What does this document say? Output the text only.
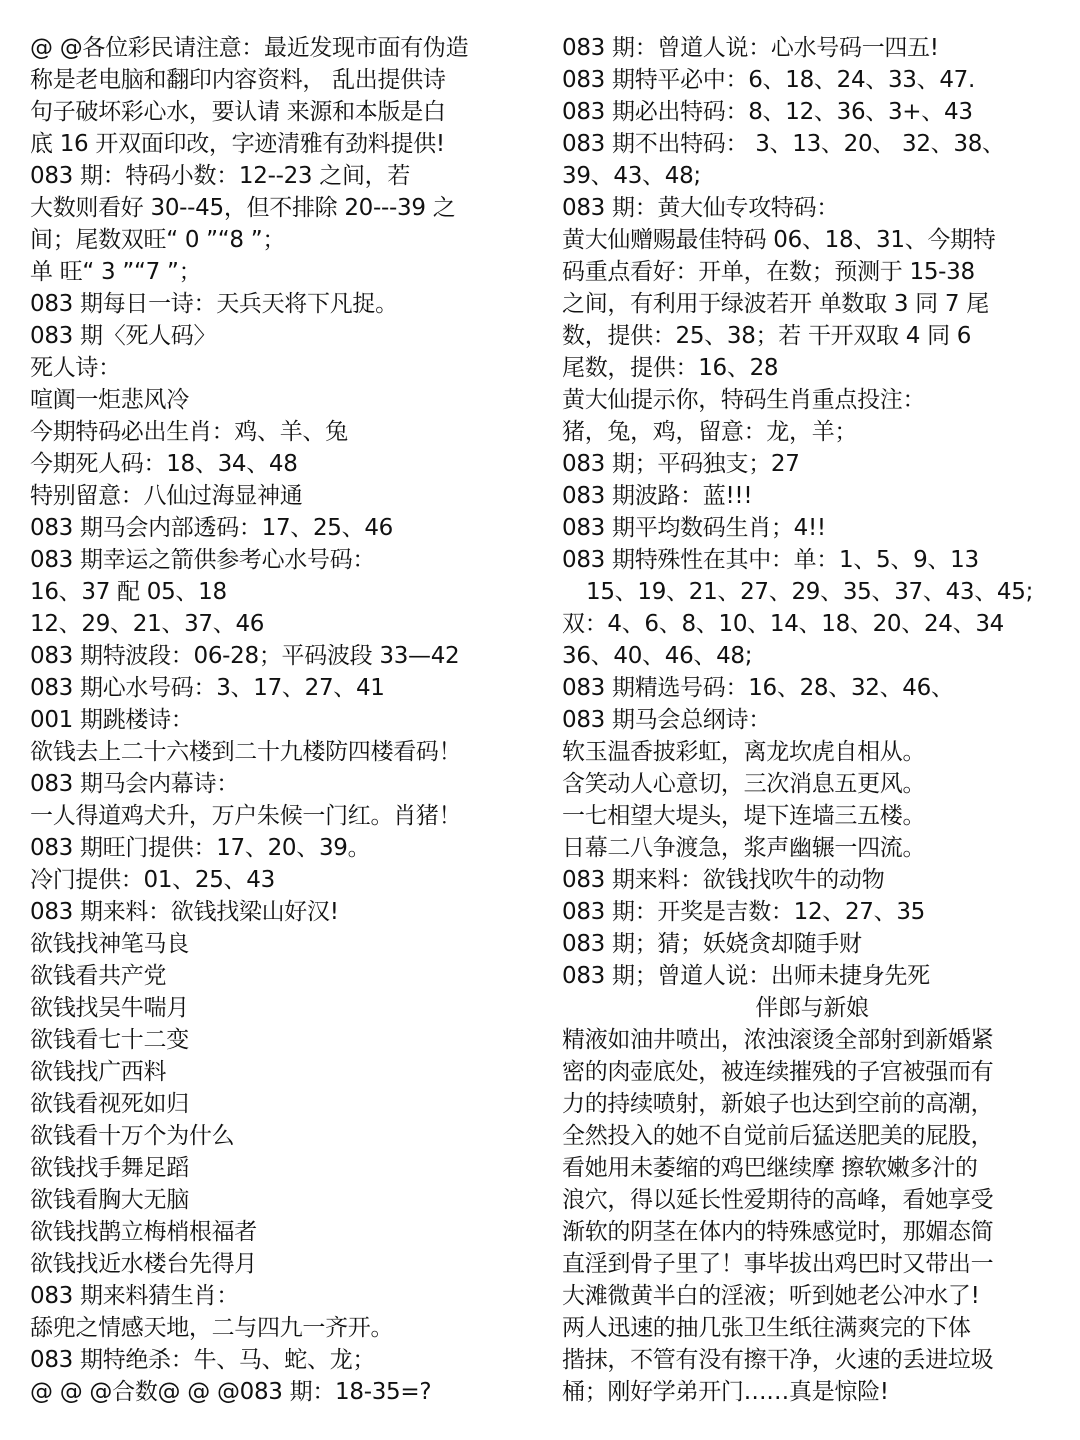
@ @各位彩民请注意：最近发现市面有伪造
称是老电脑和翻印内容资料， 乱出提供诗
句子破坏彩心水，要认请 来源和本版是白
底 16 开双面印改，字迹清雅有劲料提供!
083 期：特码小数：12--23 之间，若
大数则看好 30--45，但不排除 20---39 之
间；尾数双旺“ 0 ”“8 ”；
单 旺“ 3 ”“7 ”；
083 期每日一诗：天兵天将下凡捉。
083 期〈死人码〉
死人诗：
喧阗一炬悲风冷
今期特码必出生肖：鸡、羊、兔
今期死人码：18、34、48
特别留意：八仙过海显神通
083 期马会内部透码：17、25、46
083 期幸运之箭供参考心水号码：
16、37 配 05、18
12、29、21、37、46
083 期特波段：06-28；平码波段 33—42
083 期心水号码：3、17、27、41
001 期跳楼诗：
欲钱去上二十六楼到二十九楼防四楼看码！
083 期马会内幕诗：
一人得道鸡犬升，万户朱候一门红。肖猪！
083 期旺门提供：17、20、39。
冷门提供：01、25、43
083 期来料：欲钱找梁山好汉!
欲钱找神笔马良
欲钱看共产党
欲钱找吴牛喘月
欲钱看七十二变
欲钱找广西料
欲钱看视死如归
欲钱看十万个为什么
欲钱找手舞足蹈
欲钱看胸大无脑
欲钱找鹊立梅梢根福者
欲钱找近水楼台先得月
083 期来料猜生肖：
舔兜之情感天地，二与四九一齐开。
083 期特绝杀：牛、马、蛇、龙；
@ @ @合数@ @ @083 期：18-35=?
083 期：曾道人说：心水号码一四五!
083 期特平必中：6、18、24、33、47.
083 期必出特码：8、12、36、3+、43
083 期不出特码： 3、13、20、 32、38、
39、43、48;
083 期：黄大仙专攻特码：
黄大仙赠赐最佳特码 06、18、31、今期特
码重点看好：开单，在数；预测于 15-38
之间，有利用于绿波若开 单数取 3 同 7 尾
数，提供：25、38；若 干开双取 4 同 6
尾数，提供：16、28
黄大仙提示你，特码生肖重点投注：
猪，兔，鸡，留意：龙，羊；
083 期；平码独支；27
083 期波路：蓝!!!
083 期平均数码生肖；4!!
083 期特殊性在其中：单：1、5、9、13
15、19、21、27、29、35、37、43、45;
双：4、6、8、10、14、18、20、24、34
36、40、46、48;
083 期精选号码：16、28、32、46、
083 期马会总纲诗：
软玉温香披彩虹，离龙坎虎自相从。
含笑动人心意切，三次消息五更风。
一七相望大堤头，堤下连墙三五楼。
日幕二八争渡急，浆声幽辗一四流。
083 期来料：欲钱找吹牛的动物
083 期：开奖是吉数：12、27、35
083 期；猜；妖娆贪却随手财
083 期；曾道人说：出师未捷身先死
伴郎与新娘
精液如油井喷出，浓浊滚烫全部射到新婚紧
密的肉壶底处，被连续摧残的子宫被强而有
力的持续喷射，新娘子也达到空前的高潮，
全然投入的她不自觉前后猛送肥美的屁股，
看她用未萎缩的鸡巴继续摩 擦软嫩多汁的
浪穴，得以延长性爱期待的高峰，看她享受
渐软的阴茎在体内的特殊感觉时，那媚态简
直淫到骨子里了！事毕拔出鸡巴时又带出一
大滩微黄半白的淫液；听到她老公冲水了!
两人迅速的抽几张卫生纸往满爽完的下体
揩抹，不管有没有擦干净，火速的丢进垃圾
桶；刚好学弟开门……真是惊险!
